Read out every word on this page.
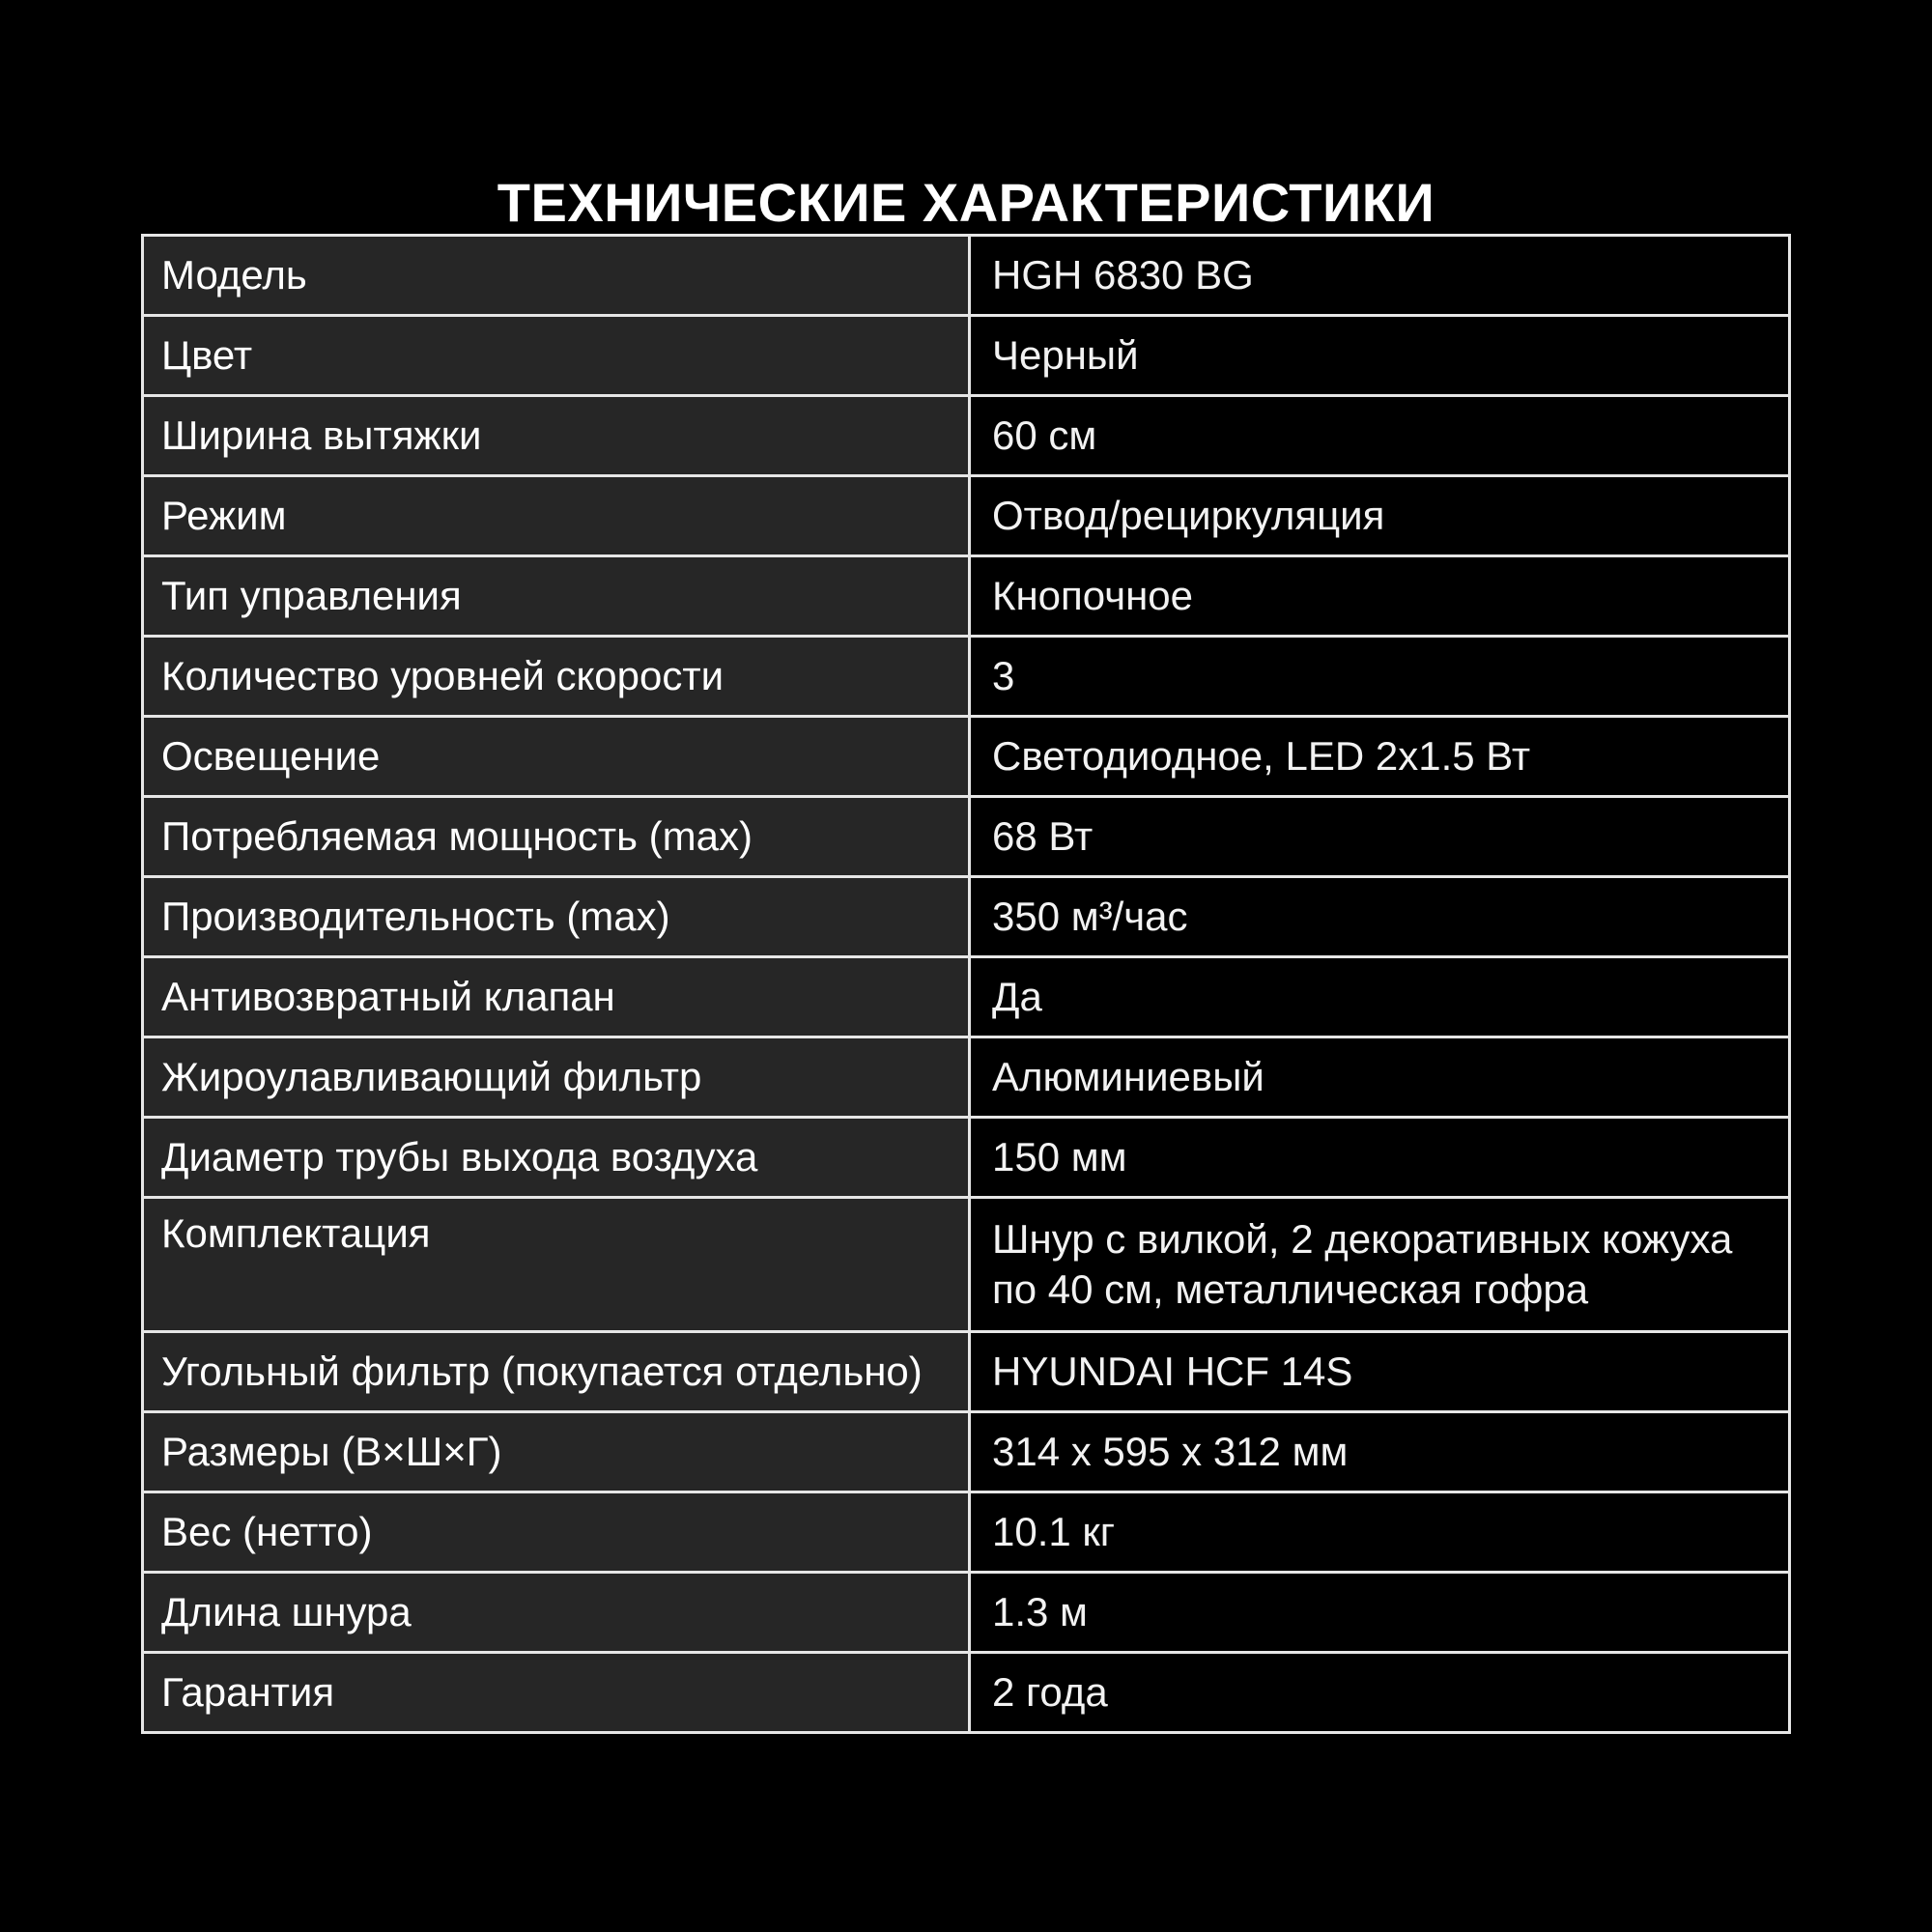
ТЕХНИЧЕСКИЕ ХАРАКТЕРИСТИКИ
Модель	HGH 6830 BG
Цвет	Черный
Ширина вытяжки	60 см
Режим	Отвод/рециркуляция
Тип управления	Кнопочное
Количество уровней скорости	3
Освещение	Светодиодное, LED 2x1.5 Вт
Потребляемая мощность (max)	68 Вт
Производительность (max)	350 м³/час
Антивозвратный клапан	Да
Жироулавливающий фильтр	Алюминиевый
Диаметр трубы выхода воздуха	150 мм
Комплектация	Шнур с вилкой, 2 декоративных кожуха по 40 см, металлическая гофра
Угольный фильтр (покупается отдельно)	HYUNDAI HCF 14S
Размеры (В×Ш×Г)	314 x 595 x 312 мм
Вес (нетто)	10.1 кг
Длина шнура	1.3 м
Гарантия	2 года
